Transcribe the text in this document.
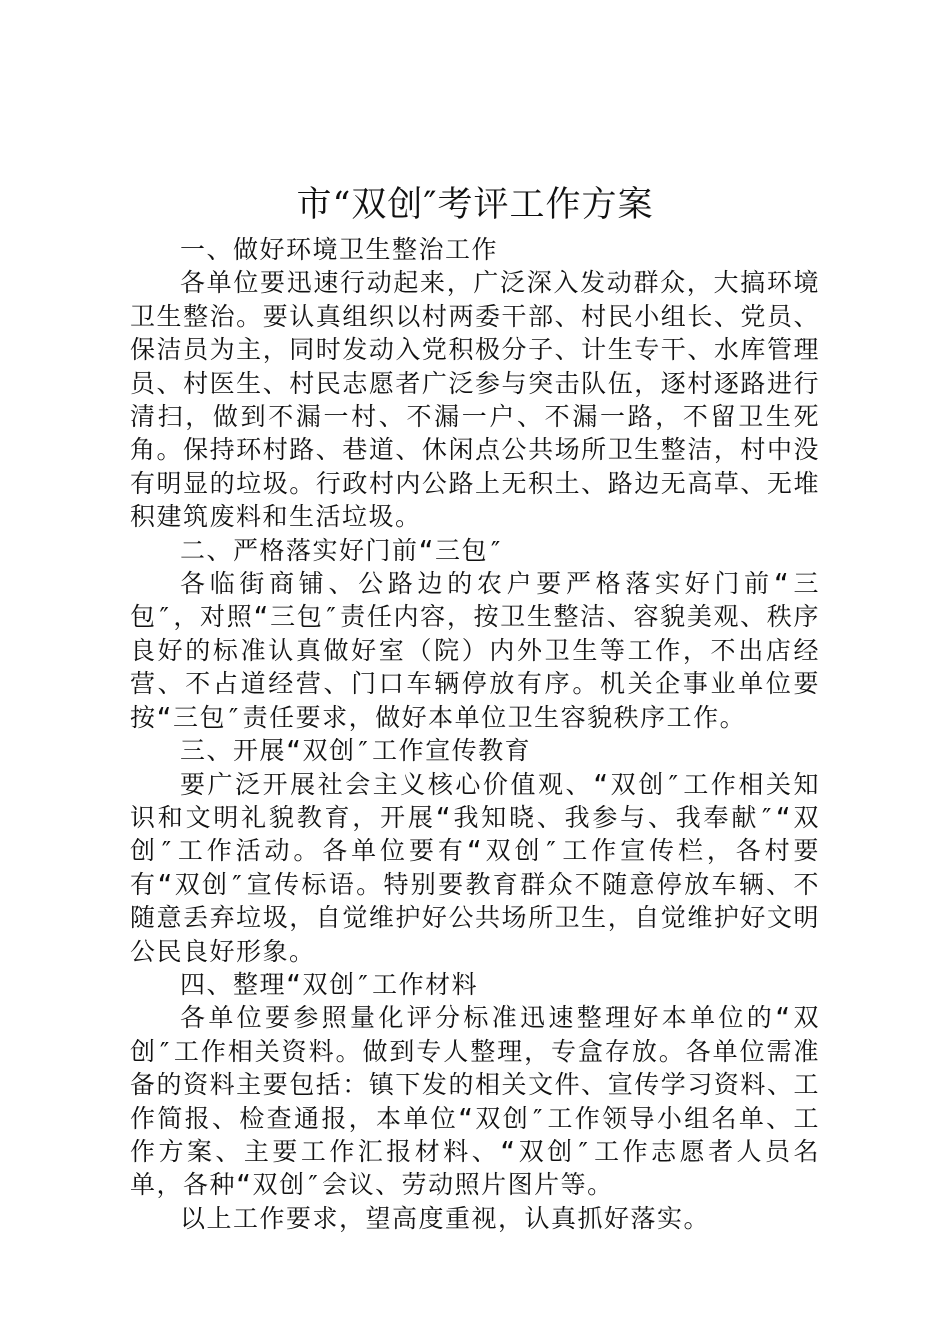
市“双创″考评工作方案

一、做好环境卫生整治工作

各单位要迅速行动起来，广泛深入发动群众，大搞环境卫生整治。要认真组织以村两委干部、村民小组长、党员、保洁员为主，同时发动入党积极分子、计生专干、水库管理员、村医生、村民志愿者广泛参与突击队伍，逐村逐路进行清扫，做到不漏一村、不漏一户、不漏一路，不留卫生死角。保持环村路、巷道、休闲点公共场所卫生整洁，村中没有明显的垃圾。行政村内公路上无积土、路边无高草、无堆积建筑废料和生活垃圾。

二、严格落实好门前“三包″

各临街商铺、公路边的农户要严格落实好门前“三包″，对照“三包″责任内容，按卫生整洁、容貌美观、秩序良好的标准认真做好室（院）内外卫生等工作，不出店经营、不占道经营、门口车辆停放有序。机关企事业单位要按“三包″责任要求，做好本单位卫生容貌秩序工作。

三、开展“双创″工作宣传教育

要广泛开展社会主义核心价值观、“双创″工作相关知识和文明礼貌教育，开展“我知晓、我参与、我奉献″“双创″工作活动。各单位要有“双创″工作宣传栏，各村要有“双创″宣传标语。特别要教育群众不随意停放车辆、不随意丢弃垃圾，自觉维护好公共场所卫生，自觉维护好文明公民良好形象。

四、整理“双创″工作材料

各单位要参照量化评分标准迅速整理好本单位的“双创″工作相关资料。做到专人整理，专盒存放。各单位需准备的资料主要包括：镇下发的相关文件、宣传学习资料、工作简报、检查通报，本单位“双创″工作领导小组名单、工作方案、主要工作汇报材料、“双创″工作志愿者人员名单，各种“双创″会议、劳动照片图片等。

以上工作要求，望高度重视，认真抓好落实。
